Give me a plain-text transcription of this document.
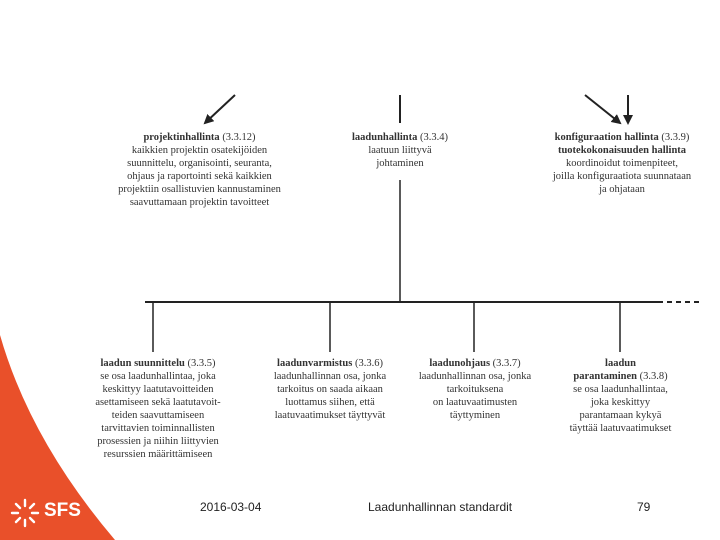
projektinhallinta (3.3.12)
kaikkien projektin osatekijöiden
suunnittelu, organisointi, seuranta,
ohjaus ja raportointi sekä kaikkien
projektiin osallistuvien kannustaminen
saavuttamaan projektin tavoitteet
laadunhallinta (3.3.4)
laatuun liittyvä
johtaminen
konfiguraation hallinta (3.3.9)
tuotekokonaisuuden hallinta
koordinoidut toimenpiteet,
joilla konfiguraatiota suunnataan
ja ohjataan
laadun suunnittelu (3.3.5)
se osa laadunhallintaa, joka
keskittyy laatutavoitteiden
asettamiseen sekä laatutavoit-
teiden saavuttamiseen
tarvittavien toiminnallisten
prosessien ja niihin liittyvien
resurssien määrittämiseen
laadunvarmistus (3.3.6)
laadunhallinnan osa, jonka
tarkoitus on saada aikaan
luottamus siihen, että
laatuvaatimukset täyttyvät
laadunohjaus (3.3.7)
laadunhallinnan osa, jonka
tarkoituksena
on laatuvaatimusten
täyttyminen
laadun
parantaminen (3.3.8)
se osa laadunhallintaa,
joka keskittyy
parantamaan kykyä
täyttää laatuvaatimukset
SFS	2016-03-04	Laadunhallinnan standardit	79
